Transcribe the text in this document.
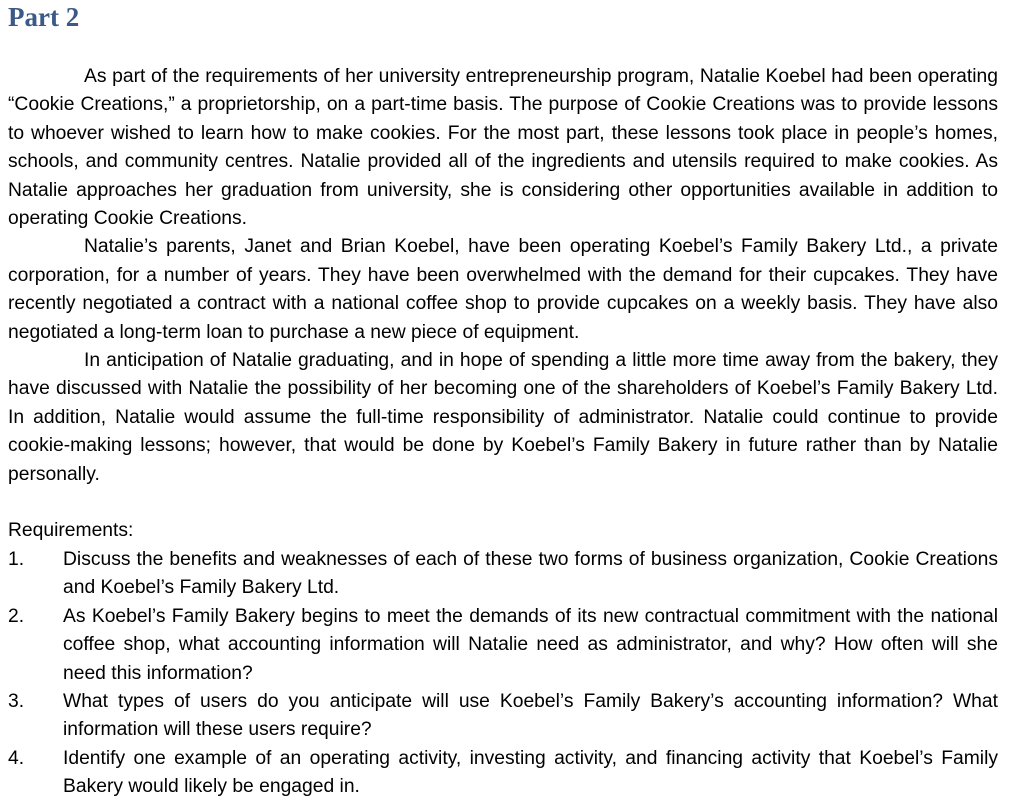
Part 2

As part of the requirements of her university entrepreneurship program, Natalie Koebel had been operating “Cookie Creations,” a proprietorship, on a part-time basis. The purpose of Cookie Creations was to provide lessons to whoever wished to learn how to make cookies. For the most part, these lessons took place in people’s homes, schools, and community centres. Natalie provided all of the ingredients and utensils required to make cookies. As Natalie approaches her graduation from university, she is considering other opportunities available in addition to operating Cookie Creations.

Natalie’s parents, Janet and Brian Koebel, have been operating Koebel’s Family Bakery Ltd., a private corporation, for a number of years. They have been overwhelmed with the demand for their cupcakes. They have recently negotiated a contract with a national coffee shop to provide cupcakes on a weekly basis. They have also negotiated a long-term loan to purchase a new piece of equipment.

In anticipation of Natalie graduating, and in hope of spending a little more time away from the bakery, they have discussed with Natalie the possibility of her becoming one of the shareholders of Koebel’s Family Bakery Ltd. In addition, Natalie would assume the full-time responsibility of administrator. Natalie could continue to provide cookie-making lessons; however, that would be done by Koebel’s Family Bakery in future rather than by Natalie personally.

Requirements:

1. Discuss the benefits and weaknesses of each of these two forms of business organization, Cookie Creations and Koebel’s Family Bakery Ltd.
2. As Koebel’s Family Bakery begins to meet the demands of its new contractual commitment with the national coffee shop, what accounting information will Natalie need as administrator, and why? How often will she need this information?
3. What types of users do you anticipate will use Koebel’s Family Bakery’s accounting information? What information will these users require?
4. Identify one example of an operating activity, investing activity, and financing activity that Koebel’s Family Bakery would likely be engaged in.
